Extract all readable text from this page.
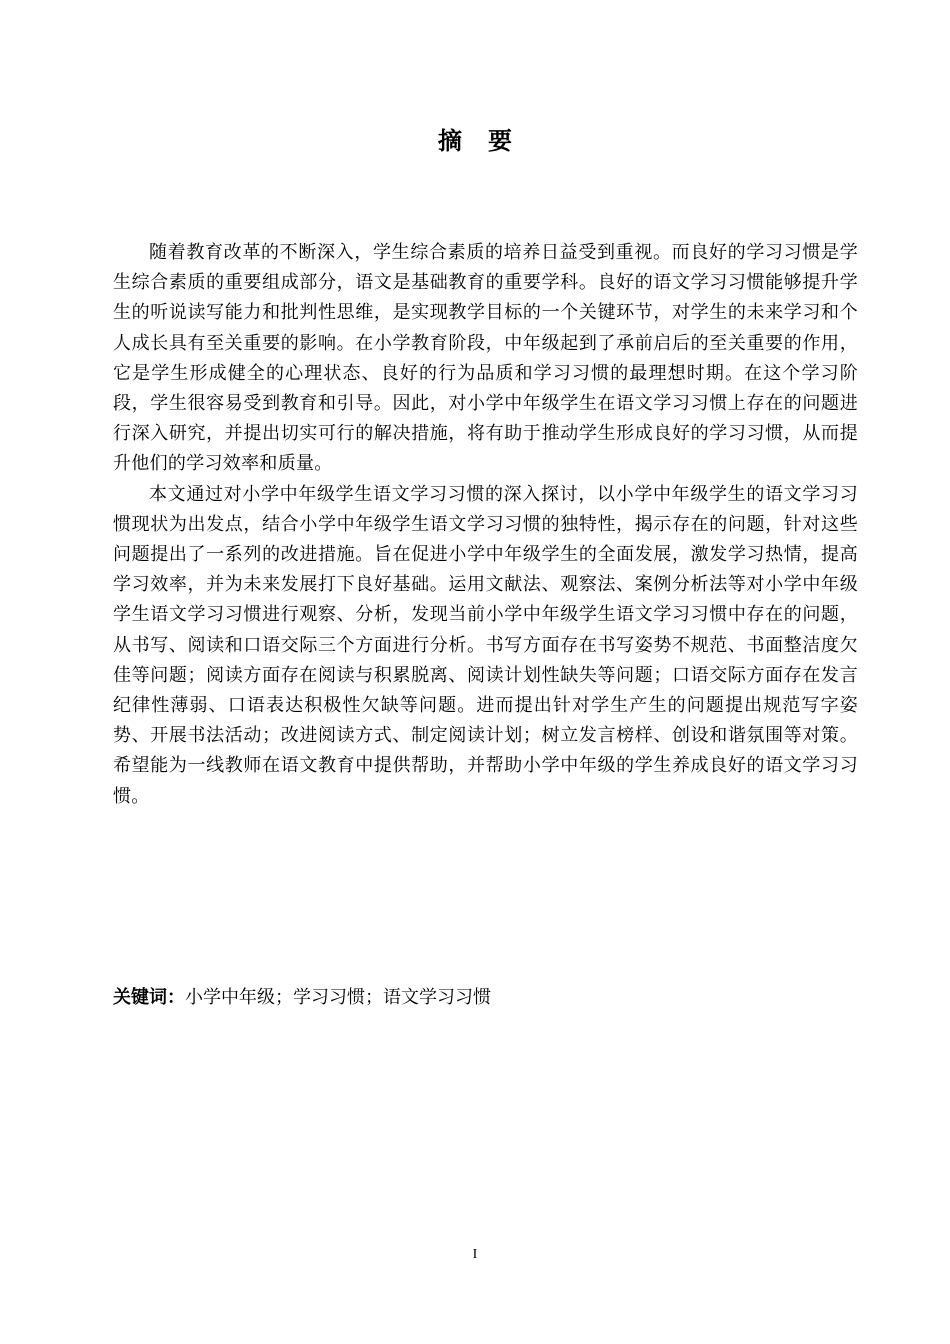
摘要

随着教育改革的不断深入，学生综合素质的培养日益受到重视。而良好的学习习惯是学生综合素质的重要组成部分，语文是基础教育的重要学科。良好的语文学习习惯能够提升学生的听说读写能力和批判性思维，是实现教学目标的一个关键环节，对学生的未来学习和个人成长具有至关重要的影响。在小学教育阶段，中年级起到了承前启后的至关重要的作用，它是学生形成健全的心理状态、良好的行为品质和学习习惯的最理想时期。在这个学习阶段，学生很容易受到教育和引导。因此，对小学中年级学生在语文学习习惯上存在的问题进行深入研究，并提出切实可行的解决措施，将有助于推动学生形成良好的学习习惯，从而提升他们的学习效率和质量。

本文通过对小学中年级学生语文学习习惯的深入探讨，以小学中年级学生的语文学习习惯现状为出发点，结合小学中年级学生语文学习习惯的独特性，揭示存在的问题，针对这些问题提出了一系列的改进措施。旨在促进小学中年级学生的全面发展，激发学习热情，提高学习效率，并为未来发展打下良好基础。运用文献法、观察法、案例分析法等对小学中年级学生语文学习习惯进行观察、分析，发现当前小学中年级学生语文学习习惯中存在的问题，从书写、阅读和口语交际三个方面进行分析。书写方面存在书写姿势不规范、书面整洁度欠佳等问题；阅读方面存在阅读与积累脱离、阅读计划性缺失等问题；口语交际方面存在发言纪律性薄弱、口语表达积极性欠缺等问题。进而提出针对学生产生的问题提出规范写字姿势、开展书法活动；改进阅读方式、制定阅读计划；树立发言榜样、创设和谐氛围等对策。希望能为一线教师在语文教育中提供帮助，并帮助小学中年级的学生养成良好的语文学习习惯。

关键词：小学中年级；学习习惯；语文学习习惯
I
